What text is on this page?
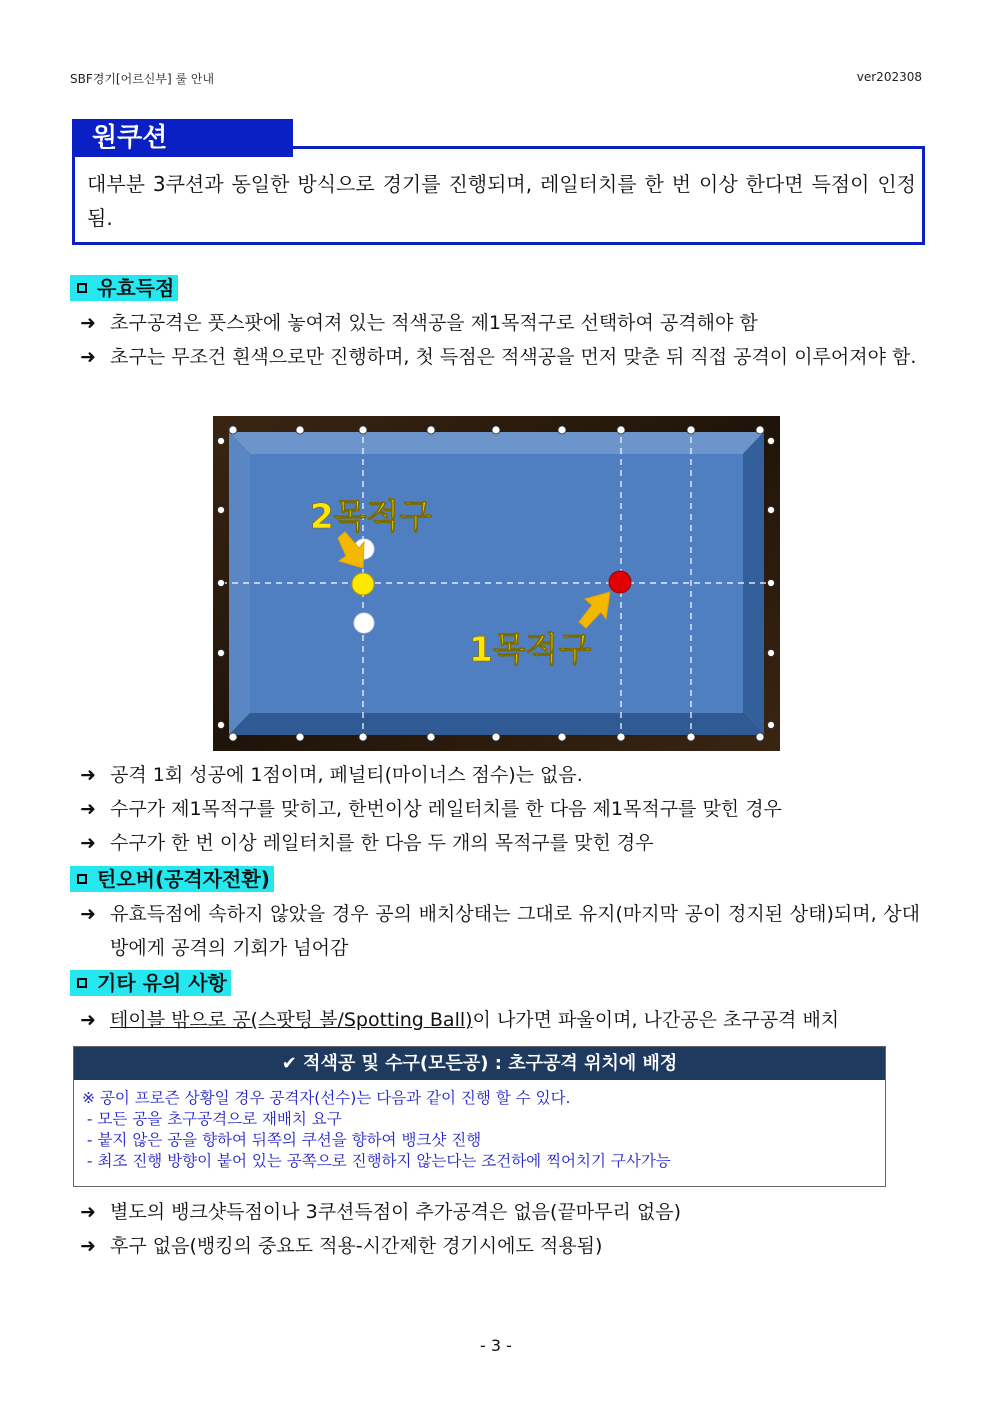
SBF경기[어르신부] 룰 안내	ver202308
대부분 3쿠션과 동일한 방식으로 경기를 진행되며, 레일터치를 한 번 이상 한다면 득점이 인정됨.
원쿠션
유효득점
➜ 초구공격은 풋스팟에 놓여져 있는 적색공을 제1목적구로 선택하여 공격해야 함
➜ 초구는 무조건 흰색으로만 진행하며, 첫 득점은 적색공을 먼저 맞춘 뒤 직접 공격이 이루어져야 함.
2목적구
1목적구
➜ 공격 1회 성공에 1점이며, 페널티(마이너스 점수)는 없음.
➜ 수구가 제1목적구를 맞히고, 한번이상 레일터치를 한 다음 제1목적구를 맞힌 경우
➜ 수구가 한 번 이상 레일터치를 한 다음 두 개의 목적구를 맞힌 경우
턴오버(공격자전환)
➜ 유효득점에 속하지 않았을 경우 공의 배치상태는 그대로 유지(마지막 공이 정지된 상태)되며, 상대방에게 공격의 기회가 넘어감
기타 유의 사항
➜ 테이블 밖으로 공(스팟팅 볼/Spotting Ball)이 나가면 파울이며, 나간공은 초구공격 배치
✔ 적색공 및 수구(모든공) : 초구공격 위치에 배정
※ 공이 프로즌 상황일 경우 공격자(선수)는 다음과 같이 진행 할 수 있다.
- 모든 공을 초구공격으로 재배치 요구
- 붙지 않은 공을 향하여 뒤쪽의 쿠션을 향하여 뱅크샷 진행
- 최조 진행 방향이 붙어 있는 공쪽으로 진행하지 않는다는 조건하에 찍어치기 구사가능
➜ 별도의 뱅크샷득점이나 3쿠션득점이 추가공격은 없음(끝마무리 없음)
➜ 후구 없음(뱅킹의 중요도 적용-시간제한 경기시에도 적용됨)
- 3 -
